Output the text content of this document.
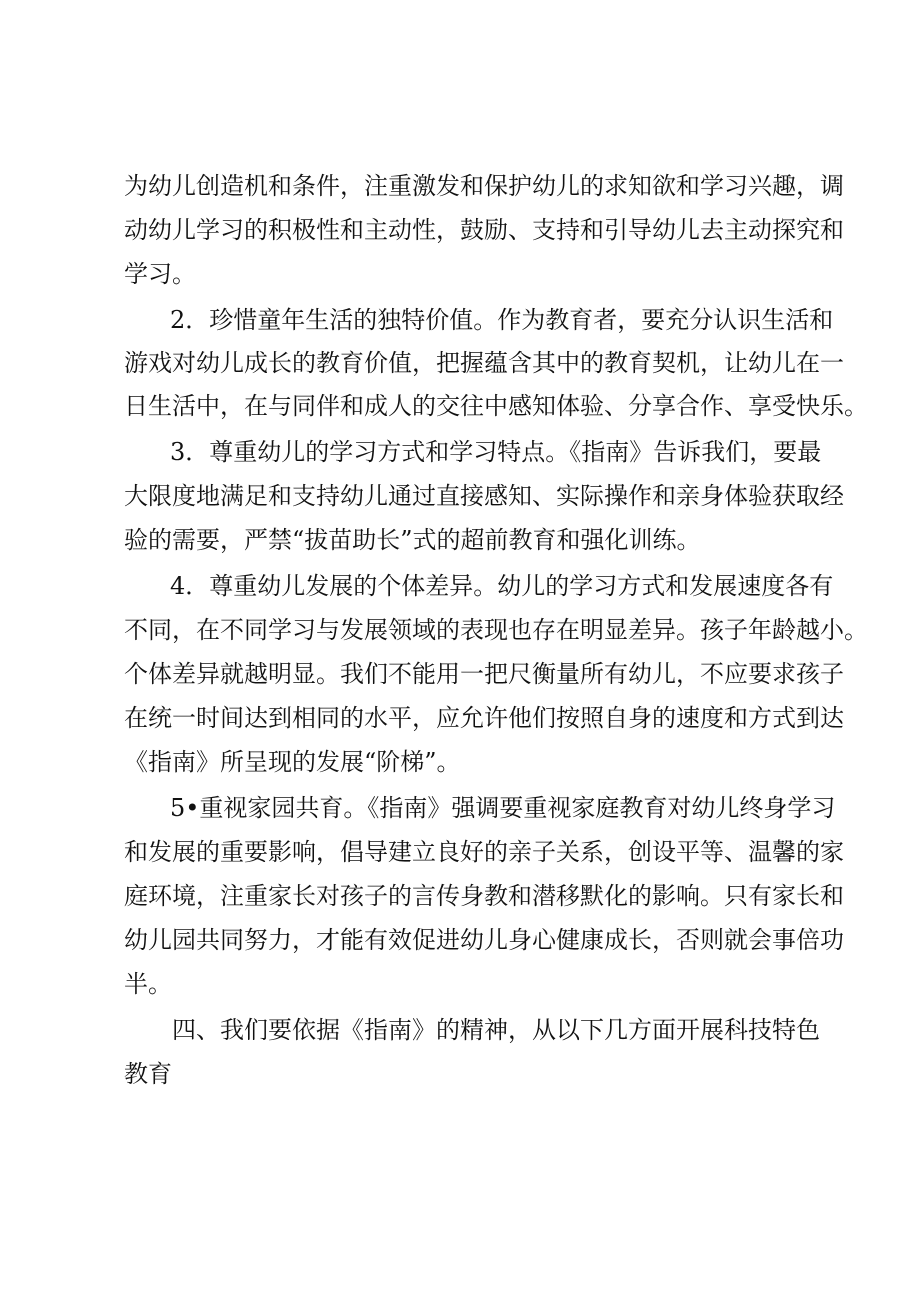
为幼儿创造机和条件，注重激发和保护幼儿的求知欲和学习兴趣，调
动幼儿学习的积极性和主动性，鼓励、支持和引导幼儿去主动探究和
学习。
2．珍惜童年生活的独特价值。作为教育者，要充分认识生活和
游戏对幼儿成长的教育价值，把握蕴含其中的教育契机，让幼儿在一
日生活中，在与同伴和成人的交往中感知体验、分享合作、享受快乐。
3．尊重幼儿的学习方式和学习特点。《指南》告诉我们，要最
大限度地满足和支持幼儿通过直接感知、实际操作和亲身体验获取经
验的需要，严禁“拔苗助长”式的超前教育和强化训练。
4．尊重幼儿发展的个体差异。幼儿的学习方式和发展速度各有
不同，在不同学习与发展领域的表现也存在明显差异。孩子年龄越小。
个体差异就越明显。我们不能用一把尺衡量所有幼儿，不应要求孩子
在统一时间达到相同的水平，应允许他们按照自身的速度和方式到达
《指南》所呈现的发展“阶梯”。
5•重视家园共育。《指南》强调要重视家庭教育对幼儿终身学习
和发展的重要影响，倡导建立良好的亲子关系，创设平等、温馨的家
庭环境，注重家长对孩子的言传身教和潜移默化的影响。只有家长和
幼儿园共同努力，才能有效促进幼儿身心健康成长，否则就会事倍功
半。
四、我们要依据《指南》的精神，从以下几方面开展科技特色
教育
